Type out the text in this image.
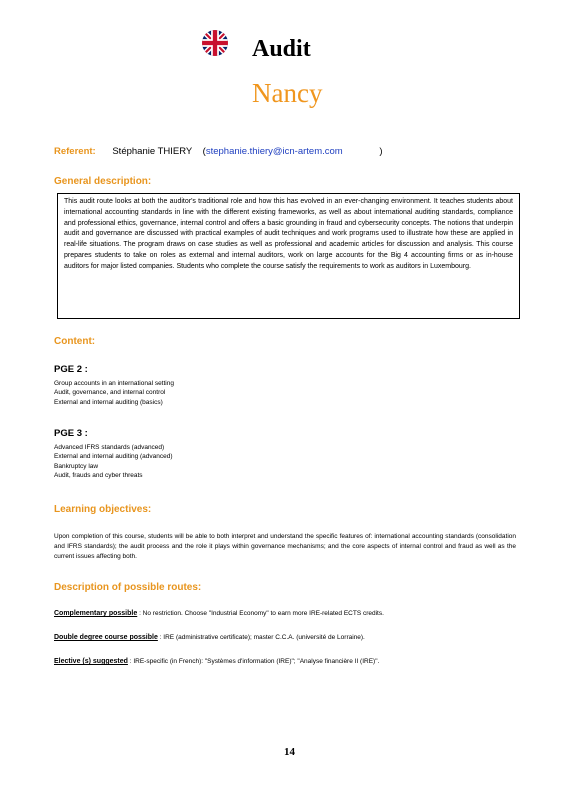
Audit
Nancy
Referent: Stéphanie THIERY (stephanie.thiery@icn-artem.com	)
General description:
This audit route looks at both the auditor's traditional role and how this has evolved in an ever-changing environment. It teaches students about international accounting standards in line with the different existing frameworks, as well as about international auditing standards, compliance and professional ethics, governance, internal control and offers a basic grounding in fraud and cybersecurity concepts. The notions that underpin audit and governance are discussed with practical examples of audit techniques and work programs used to illustrate how these are applied in real-life situations. The program draws on case studies as well as professional and academic articles for discussion and analysis. This course prepares students to take on roles as external and internal auditors, work on large accounts for the Big 4 accounting firms or as in-house auditors for major listed companies. Students who complete the course satisfy the requirements to work as auditors in Luxembourg.
Content:
PGE 2 :
Group accounts in an international setting
Audit, governance, and internal control
External and internal auditing (basics)
PGE 3 :
Advanced IFRS standards (advanced)
External and internal auditing (advanced)
Bankruptcy law
Audit, frauds and cyber threats
Learning objectives:
Upon completion of this course, students will be able to both interpret and understand the specific features of: international accounting standards (consolidation and IFRS standards); the audit process and the role it plays within governance mechanisms; and the core aspects of internal control and fraud as well as the current issues affecting both.
Description of possible routes:
Complementary possible : No restriction. Choose "Industrial Economy" to earn more IRE-related ECTS credits.
Double degree course possible : IRE (administrative certificate); master C.C.A. (université de Lorraine).
Elective (s) suggested : IRE-specific (in French): "Systèmes d'information (IRE)"; "Analyse financière II (IRE)".
14
